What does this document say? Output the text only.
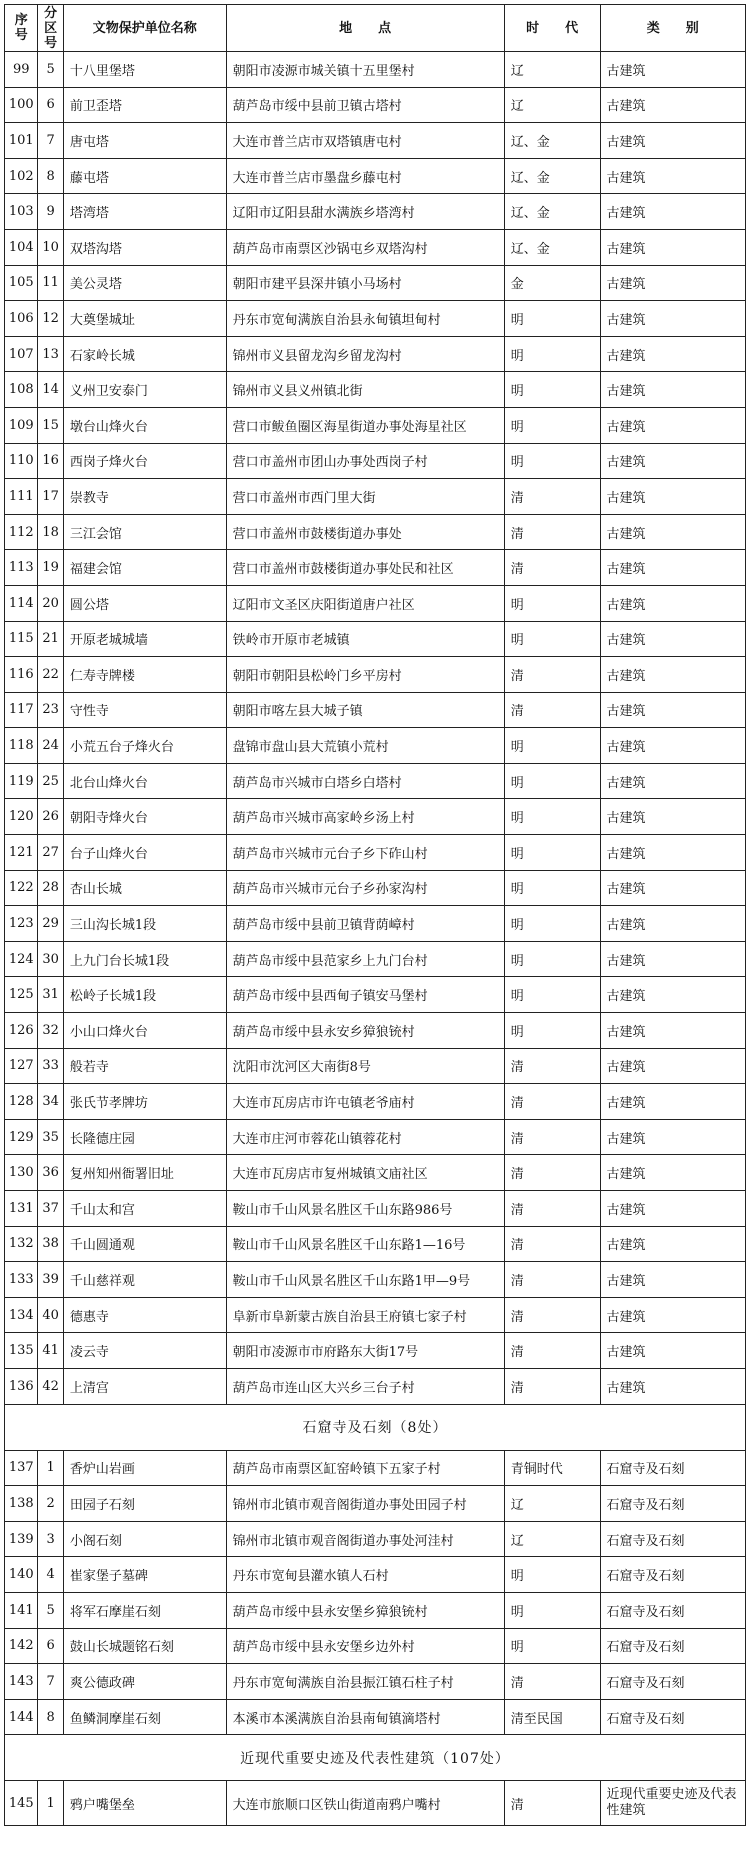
序号	分区号	文物保护单位名称	地　　点	时　　代	类　　别
99	5	十八里堡塔	朝阳市凌源市城关镇十五里堡村	辽	古建筑
100	6	前卫歪塔	葫芦岛市绥中县前卫镇古塔村	辽	古建筑
101	7	唐屯塔	大连市普兰店市双塔镇唐屯村	辽、金	古建筑
102	8	藤屯塔	大连市普兰店市墨盘乡藤屯村	辽、金	古建筑
103	9	塔湾塔	辽阳市辽阳县甜水满族乡塔湾村	辽、金	古建筑
104	10	双塔沟塔	葫芦岛市南票区沙锅屯乡双塔沟村	辽、金	古建筑
105	11	美公灵塔	朝阳市建平县深井镇小马场村	金	古建筑
106	12	大奠堡城址	丹东市宽甸满族自治县永甸镇坦甸村	明	古建筑
107	13	石家岭长城	锦州市义县留龙沟乡留龙沟村	明	古建筑
108	14	义州卫安泰门	锦州市义县义州镇北街	明	古建筑
109	15	墩台山烽火台	营口市鲅鱼圈区海星街道办事处海星社区	明	古建筑
110	16	西岗子烽火台	营口市盖州市团山办事处西岗子村	明	古建筑
111	17	崇教寺	营口市盖州市西门里大街	清	古建筑
112	18	三江会馆	营口市盖州市鼓楼街道办事处	清	古建筑
113	19	福建会馆	营口市盖州市鼓楼街道办事处民和社区	清	古建筑
114	20	圆公塔	辽阳市文圣区庆阳街道唐户社区	明	古建筑
115	21	开原老城城墙	铁岭市开原市老城镇	明	古建筑
116	22	仁寿寺牌楼	朝阳市朝阳县松岭门乡平房村	清	古建筑
117	23	守性寺	朝阳市喀左县大城子镇	清	古建筑
118	24	小荒五台子烽火台	盘锦市盘山县大荒镇小荒村	明	古建筑
119	25	北台山烽火台	葫芦岛市兴城市白塔乡白塔村	明	古建筑
120	26	朝阳寺烽火台	葫芦岛市兴城市高家岭乡汤上村	明	古建筑
121	27	台子山烽火台	葫芦岛市兴城市元台子乡下砟山村	明	古建筑
122	28	杏山长城	葫芦岛市兴城市元台子乡孙家沟村	明	古建筑
123	29	三山沟长城1段	葫芦岛市绥中县前卫镇背荫嶂村	明	古建筑
124	30	上九门台长城1段	葫芦岛市绥中县范家乡上九门台村	明	古建筑
125	31	松岭子长城1段	葫芦岛市绥中县西甸子镇安马堡村	明	古建筑
126	32	小山口烽火台	葫芦岛市绥中县永安乡獐狼铳村	明	古建筑
127	33	般若寺	沈阳市沈河区大南街8号	清	古建筑
128	34	张氏节孝牌坊	大连市瓦房店市许屯镇老爷庙村	清	古建筑
129	35	长隆德庄园	大连市庄河市蓉花山镇蓉花村	清	古建筑
130	36	复州知州衙署旧址	大连市瓦房店市复州城镇文庙社区	清	古建筑
131	37	千山太和宫	鞍山市千山风景名胜区千山东路986号	清	古建筑
132	38	千山圆通观	鞍山市千山风景名胜区千山东路1—16号	清	古建筑
133	39	千山慈祥观	鞍山市千山风景名胜区千山东路1甲—9号	清	古建筑
134	40	德惠寺	阜新市阜新蒙古族自治县王府镇七家子村	清	古建筑
135	41	凌云寺	朝阳市凌源市市府路东大街17号	清	古建筑
136	42	上清宫	葫芦岛市连山区大兴乡三台子村	清	古建筑
石窟寺及石刻（8处）					
137	1	香炉山岩画	葫芦岛市南票区缸窑岭镇下五家子村	青铜时代	石窟寺及石刻
138	2	田园子石刻	锦州市北镇市观音阁街道办事处田园子村	辽	石窟寺及石刻
139	3	小阁石刻	锦州市北镇市观音阁街道办事处河洼村	辽	石窟寺及石刻
140	4	崔家堡子墓碑	丹东市宽甸县灌水镇人石村	明	石窟寺及石刻
141	5	将军石摩崖石刻	葫芦岛市绥中县永安堡乡獐狼铳村	明	石窟寺及石刻
142	6	鼓山长城题铭石刻	葫芦岛市绥中县永安堡乡边外村	明	石窟寺及石刻
143	7	爽公德政碑	丹东市宽甸满族自治县振江镇石柱子村	清	石窟寺及石刻
144	8	鱼鳞洞摩崖石刻	本溪市本溪满族自治县南甸镇滴塔村	清至民国	石窟寺及石刻
近现代重要史迹及代表性建筑（107处）					
145	1	鸦户嘴堡垒	大连市旅顺口区铁山街道南鸦户嘴村	清	近现代重要史迹及代表性建筑
